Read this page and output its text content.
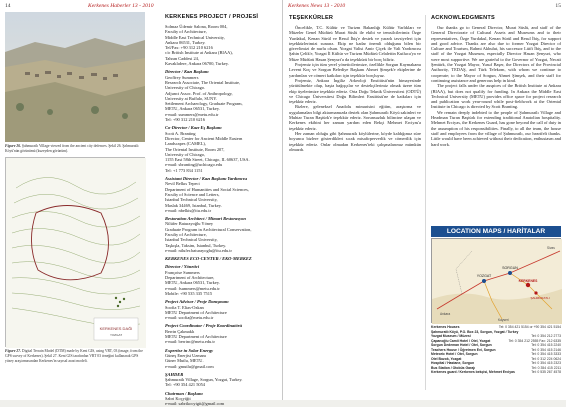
14	Kerkenes Haberler 13 - 2010
Figure 26. Şahmuratlı Village viewed from the ancient city defences. Şekil 26. Şahmuratlı Köyü'nün görünümü (kuzeyden görünüm).
KERKENES DAĞI
YOZGAT
Figure 27. Digital Terrain Model (DTM) made by Kent GIS, using VRT, 03 (image, from the GPS survey of Kerkenes). Şekil 27. Kent GIS tarafından VRT 03 örneğini kullanarak GPS yüzey araştırmasından Kerkenes'in sayısal arazi modeli.
KERKENES PROJECT / PROJESİ
Solmaz Üdemir Salona, Room 004,
Faculty of Architecture,
Middle East Technical University,
Ankara 06531, Turkey.
Tel/Fax: +90 312 210 6216
c/o British Institute at Ankara (BIAA),
Tahran Caddesi 24,
Kavaklıdere, Ankara 06700, Turkey.
Director / Kazı Başkanı
Geoffrey Summers
Research Associate, The Oriental Institute,
University of Chicago.
Adjunct Assoc. Prof. of Anthropology,
University at Buffalo, SUNY.
Settlement Archaeology, Graduate Program,
METU, Ankara 06531, Turkey.
e-mail: summers@metu.edu.tr
Tel: +90 312 210 6216
Co-Director / Kazı-Eş Başkanı
Scott A. Branting
Director, Center for Ancient Middle Eastern
Landscapes (CAMEL),
The Oriental Institute, Room 207,
University of Chicago,
1155 East 58th Street, Chicago, IL 60637, USA.
e-mail: sbranting@uchicago.edu
Tel: +1 773 834 1151
Assistant Director / Kazı Başkanı Yardımcısı
Nevil Belkıs Tepeci
Department of Humanities and Social Sciences,
Faculty of Science and Letters,
Istanbul Technical University,
Maslak 34469, Istanbul, Turkey.
e-mail: nbelkis@itu.edu.tr
Restoration Architect / Mimari Restorasyon
Nilüfer Baturayoğlu Yöney
Graduate Program in Architectural Conservation,
Faculty of Architecture,
Istanbul Technical University,
Taşkışla, Taksim, Istanbul, Turkey.
e-mail: nilufer.baturayoglu@itu.edu.tr
KERKENES ECO-CENTER / EKO-MERKEZ
Director / Yönetici
Françoise Summers
Department of Architecture,
METU, Ankara 06531, Turkey.
e-mail: fsummers@metu.edu.tr
Mobile: +90 535 335 7515
Project Advisor / Proje Danışmanı
Soofia T. Elias-Ozkan
METU Department of Architecture
e-mail: soofia@metu.edu.tr
Project Coordinator / Proje Koordinatörü
Berrin Çakmaklı
METU Department of Architecture
e-mail: berrinc@metu.edu.tr
Expertise in Solar Energy
Güneş Enerjisi Uzmanı
Güner Mutlu, METU.
e-mail: gmutlu@gmail.com
ŞAHDER
Şahmuratlı Village, Sorgun, Yozgat, Turkey.
Tel: +90 354 421 5054
Chairman / Başkanı
Sabri Koçyiğit
e-mail: sabrikocyigit@gmail.com
Kerkenes News 13 - 2010	15
TEŞEKKÜRLER

Öncelikle, T.C. Kültür ve Turizm Bakanlığı Kültür Varlıkları ve Müzeler Genel Müdürü Murat Süslü ile ekibi ve temsilcilerimiz Özge Yurdakul, Kenan Sürül ve Resul İbiş'e destek ve yararlı tavsiyeleri için teşekkürlerimizi sunarız. Ekip ne kadar önemli olduğunu bilen bir görevlimizi de nurlu olsun. Yozgat Valisi Amir Çiçek ile Vali Yardımcısı Şahin Çelik'e, Yozgat İl Kültür ve Turizm Müdürü Celalettin Kutluca'ya ve Müze Müdürü Hasan Şenyurt'a da teşekkürü bir borç biliriz.

Projemiz için tüm yerel yöneticilerimize, özellikle Sorgun Kaymakamı Levent Koç ve Sorgun Belediye Başkanı Ahmet Şimşek'e ekiplerine de yardımları ve cömert katkıları için teşekkür borçluyuz.

Projemiz, Ankara İngiliz Arkeoloji Enstitüsü'nün himayesinde yürütülmekte olup, başta bağışçılar ve destekçilerimiz olmak üzere tüm ekip üyelerimize teşekkür ederiz. Orta Doğu Teknik Üniversitesi (ODTÜ) ve Chicago Üniversitesi Doğu Bilimleri Enstitüsü'ne de katkıları için teşekkür ederiz.

Bizlere, geleneksel Anadolu mimarisini eğitim, araştırma ve uygulamaları bilgi aktarmamızda destek olan Şahmuratlı Köyü sakinleri ve Muhtar Turan Baştürk'e teşekkür ederiz. Sorunsuzluk bilincine ulaşan ve Kerkenes ekibini her zaman yardım eden Bekçi Mehmet Erciyas'a teşekkür ederiz.

Her zaman olduğu gibi Şahmuratlı köylülerine, köyde kaldığımız süre boyunca bizlere gösterdikleri sıcak misafirperverlik ve cömertlik için teşekkür ederiz. Onlar olmadan Kerkenes'teki çalışmalarımız mümkün olmazdı.

ACKNOWLEDGMENTS

Our thanks go to General Director, Murat Süslü, and staff of the General Directorate of Cultural Assets and Museums and to their representatives, Özge Yurdakul, Kenan Sürül and Resul İbiş, for support and good advice. Thanks are also due to former Yozgat Director of Culture and Tourism, Rahmi Akbulut, his successor Lütfi İbiş, and to the staff of the Yozgat Museum, especially Director Hasan Şenyurt, who were most supportive. We are grateful to the Governor of Yozgat, Necati Şentürk, the Yozgat Mayor, Yusuf Başer, the Directors of the Provincial Authority, TEDAŞ, and Türk Telekom, with whom we continue to cooperate; to the Mayor of Sorgun, Ahmet Şimşek, and their staff for continuing assistance and generous help in kind.

The project falls under the auspices of the British Institute at Ankara (BIAA), but does not qualify for funding. In Ankara the Middle East Technical University (METU) provides office space for project research and publication work year-round while post-fieldwork at the Oriental Institute in Chicago is directed by Scott Branting.

We remain deeply indebted to the people of Şahmuratlı Village and Headman Turan Baştürk for extending traditional Anatolian hospitality. Mehmet Erciyas, the Kerkenes Guard, has gone beyond the call of duty in the assumption of his responsibilities. Finally, to all the team, the house staff and employees from the village of Şahmuratlı, our heartfelt thanks. Little would have been achieved without their dedication, enthusiasm and hard work.

LOCATION MAPS / HARİTALAR
YOZGAT
SORGUN
KERKENES
ŞAHMURATLI
Ankara
Sivas
Kayseri
Kerkenes Houses	Tel: 0 354 421 5154 or +90 354 421 5154
Şahmuratlı Köyü, P.O. Box 23, Sorgun, Yozgat / Turkey
Yozgat Museum / Müzesi	Tel: 0 354 212 2773
Çapanoğlu Camii Hotel / Otel, Yozgat	Tel: 0 354 212 2555 Fax: 212 6335
Sorgun Dedeman Hotel / Otel, Sorgun	Tel: 0 354 415 2240
Teachers House / Öğretmen Evi, Sorgun	Tel: 0 354 415 2146
Meteoric Hotel / Otel, Sorgun	Tel: 0 354 415 3333
Otel Bozok, Yozgat	Tel: 0 312 224 0624
Hospital / Hastane, Sorgun	Tel: 0 354 415 2323
Bus Station / Otobüs Garajı	Tel: 0 354 415 2211
Kerkenes guard / Kerkenes bekçisi, Mehmet Erciyas	Tel: 0 535 267 4578
